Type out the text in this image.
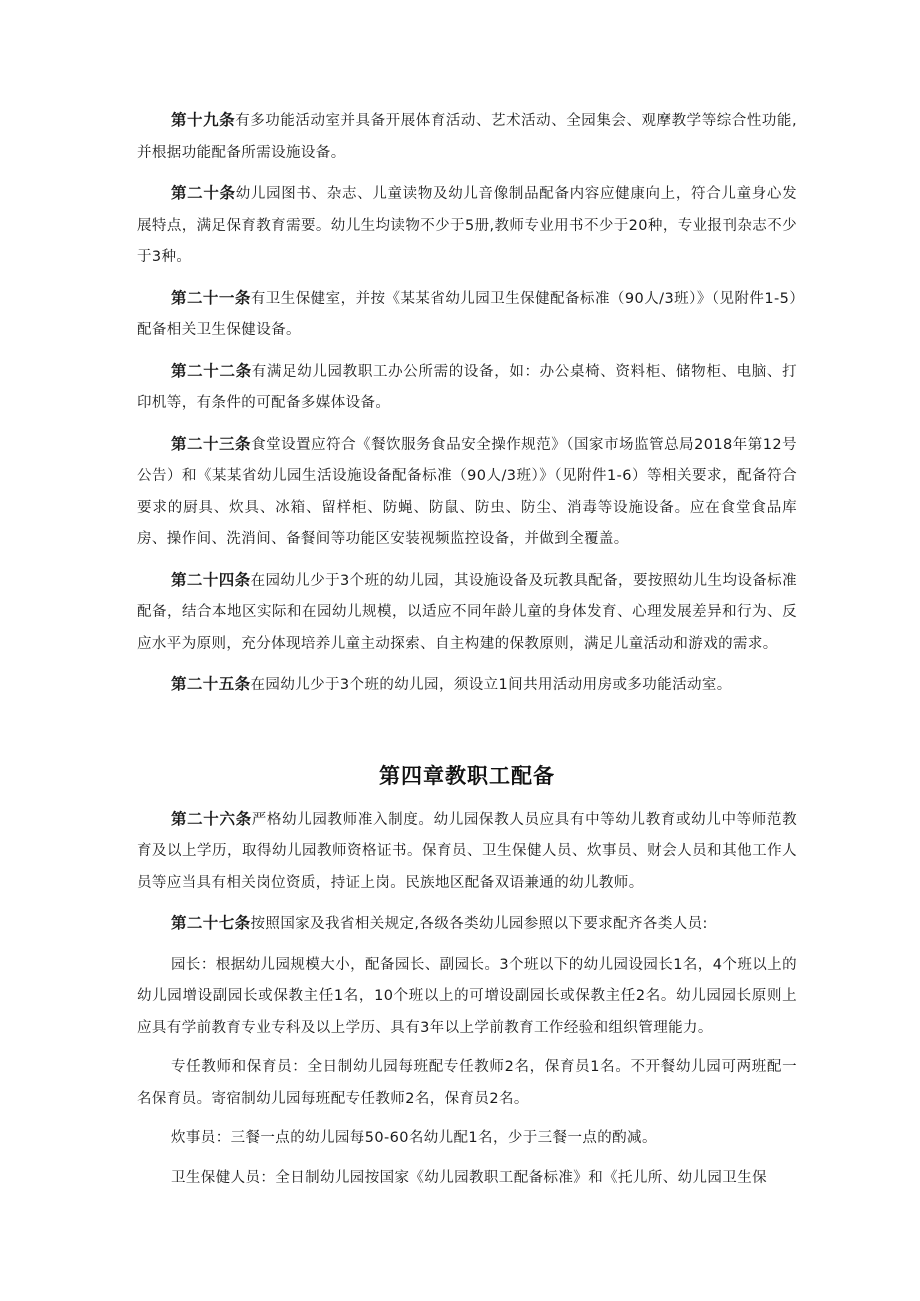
第十九条有多功能活动室并具备开展体育活动、艺术活动、全园集会、观摩教学等综合性功能,并根据功能配备所需设施设备。

第二十条幼儿园图书、杂志、儿童读物及幼儿音像制品配备内容应健康向上，符合儿童身心发展特点，满足保育教育需要。幼儿生均读物不少于5册,教师专业用书不少于20种，专业报刊杂志不少于3种。

第二十一条有卫生保健室，并按《某某省幼儿园卫生保健配备标准（90人/3班）》（见附件1-5）配备相关卫生保健设备。

第二十二条有满足幼儿园教职工办公所需的设备，如：办公桌椅、资料柜、储物柜、电脑、打印机等，有条件的可配备多媒体设备。

第二十三条食堂设置应符合《餐饮服务食品安全操作规范》（国家市场监管总局2018年第12号公告）和《某某省幼儿园生活设施设备配备标准（90人/3班）》（见附件1-6）等相关要求，配备符合要求的厨具、炊具、冰箱、留样柜、防蝇、防鼠、防虫、防尘、消毒等设施设备。应在食堂食品库房、操作间、洗消间、备餐间等功能区安装视频监控设备，并做到全覆盖。

第二十四条在园幼儿少于3个班的幼儿园，其设施设备及玩教具配备，要按照幼儿生均设备标准配备，结合本地区实际和在园幼儿规模，以适应不同年龄儿童的身体发育、心理发展差异和行为、反应水平为原则，充分体现培养儿童主动探索、自主构建的保教原则，满足儿童活动和游戏的需求。

第二十五条在园幼儿少于3个班的幼儿园，须设立1间共用活动用房或多功能活动室。

第四章教职工配备

第二十六条严格幼儿园教师准入制度。幼儿园保教人员应具有中等幼儿教育或幼儿中等师范教育及以上学历，取得幼儿园教师资格证书。保育员、卫生保健人员、炊事员、财会人员和其他工作人员等应当具有相关岗位资质，持证上岗。民族地区配备双语兼通的幼儿教师。

第二十七条按照国家及我省相关规定,各级各类幼儿园参照以下要求配齐各类人员:

园长：根据幼儿园规模大小，配备园长、副园长。3个班以下的幼儿园设园长1名，4个班以上的幼儿园增设副园长或保教主任1名，10个班以上的可增设副园长或保教主任2名。幼儿园园长原则上应具有学前教育专业专科及以上学历、具有3年以上学前教育工作经验和组织管理能力。

专任教师和保育员：全日制幼儿园每班配专任教师2名，保育员1名。不开餐幼儿园可两班配一名保育员。寄宿制幼儿园每班配专任教师2名，保育员2名。

炊事员：三餐一点的幼儿园每50-60名幼儿配1名，少于三餐一点的酌减。

卫生保健人员：全日制幼儿园按国家《幼儿园教职工配备标准》和《托儿所、幼儿园卫生保
